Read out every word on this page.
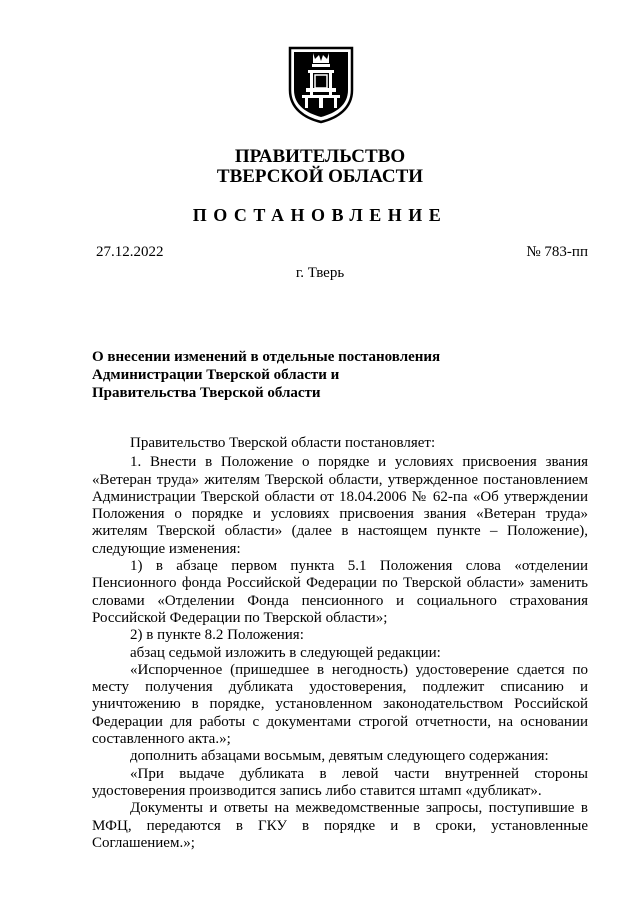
ПРАВИТЕЛЬСТВО
ТВЕРСКОЙ ОБЛАСТИ
ПОСТАНОВЛЕНИЕ
27.12.2022	№ 783-пп
г. Тверь
О внесении изменений в отдельные постановления
Администрации Тверской области и
Правительства Тверской области

Правительство Тверской области постановляет:

1. Внести в Положение о порядке и условиях присвоения звания «Ветеран труда» жителям Тверской области, утвержденное постановлением Администрации Тверской области от 18.04.2006 № 62-па «Об утверждении Положения о порядке и условиях присвоения звания «Ветеран труда» жителям Тверской области» (далее в настоящем пункте – Положение), следующие изменения:

1) в абзаце первом пункта 5.1 Положения слова «отделении Пенсионного фонда Российской Федерации по Тверской области» заменить словами «Отделении Фонда пенсионного и социального страхования Российской Федерации по Тверской области»;

2) в пункте 8.2 Положения:

абзац седьмой изложить в следующей редакции:

«Испорченное (пришедшее в негодность) удостоверение сдается по месту получения дубликата удостоверения, подлежит списанию и уничтожению в порядке, установленном законодательством Российской Федерации для работы с документами строгой отчетности, на основании составленного акта.»;

дополнить абзацами восьмым, девятым следующего содержания:

«При выдаче дубликата в левой части внутренней стороны удостоверения производится запись либо ставится штамп «дубликат».

Документы и ответы на межведомственные запросы, поступившие в МФЦ, передаются в ГКУ в порядке и в сроки, установленные Соглашением.»;
